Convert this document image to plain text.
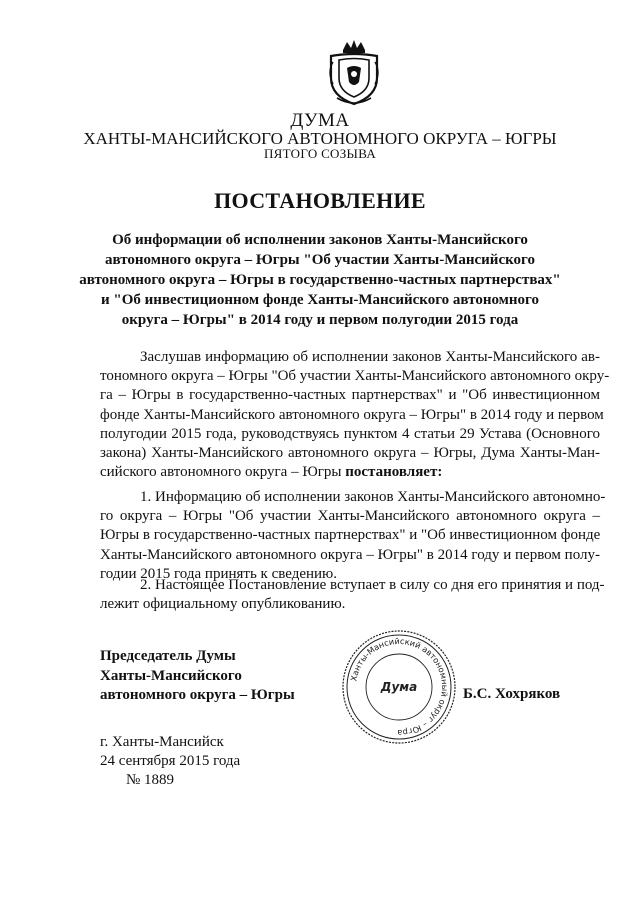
ДУМА
ХАНТЫ-МАНСИЙСКОГО АВТОНОМНОГО ОКРУГА – ЮГРЫ
ПЯТОГО СОЗЫВА
ПОСТАНОВЛЕНИЕ
Об информации об исполнении законов Ханты-Мансийского
автономного округа – Югры "Об участии Ханты-Мансийского
автономного округа – Югры в государственно-частных партнерствах"
и "Об инвестиционном фонде Ханты-Мансийского автономного
округа – Югры" в 2014 году и первом полугодии 2015 года
Заслушав информацию об исполнении законов Ханты-Мансийского ав-
тономного округа – Югры "Об участии Ханты-Мансийского автономного окру-
га – Югры в государственно-частных партнерствах" и "Об инвестиционном
фонде Ханты-Мансийского автономного округа – Югры" в 2014 году и первом
полугодии 2015 года, руководствуясь пунктом 4 статьи 29 Устава (Основного
закона) Ханты-Мансийского автономного округа – Югры, Дума Ханты-Ман-
сийского автономного округа – Югры постановляет:
1. Информацию об исполнении законов Ханты-Мансийского автономно-
го округа – Югры "Об участии Ханты-Мансийского автономного округа –
Югры в государственно-частных партнерствах" и "Об инвестиционном фонде
Ханты-Мансийского автономного округа – Югры" в 2014 году и первом полу-
годии 2015 года принять к сведению.
2. Настоящее Постановление вступает в силу со дня его принятия и под-
лежит официальному опубликованию.
Председатель Думы
Ханты-Мансийского
автономного округа – Югры
Ханты-Мансийский автономный округ – Югра
Дума	Б.С. Хохряков
г. Ханты-Мансийск
24 сентября 2015 года
№ 1889
